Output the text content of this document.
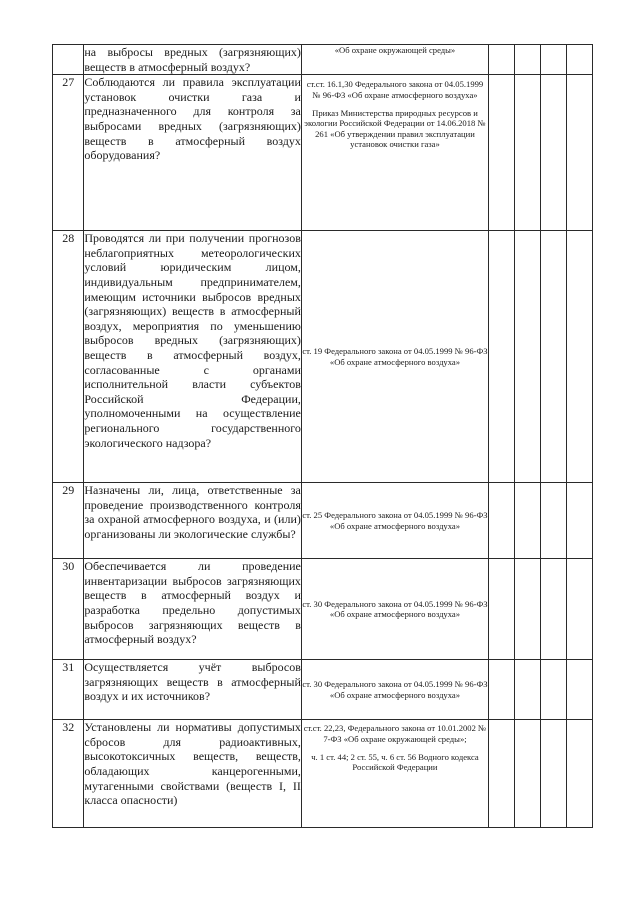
	на выбросы вредных (загрязняющих) веществ в атмосферный воздух?	«Об охране окружающей среды»				

27	Соблюдаются ли правила эксплуатации установок очистки газа и предназначенного для контроля за выбросами вредных (загрязняющих) веществ в атмосферный воздух оборудования?	ст.ст. 16.1,30 Федерального закона от 04.05.1999 № 96-ФЗ «Об охране атмосферного воздуха»
Приказ Министерства природных ресурсов и экологии Российской Федерации от 14.06.2018 № 261 «Об утверждении правил эксплуатации установок очистки газа»				

28	Проводятся ли при получении прогнозов неблагоприятных метеорологических условий юридическим лицом, индивидуальным предпринимателем, имеющим источники выбросов вредных (загрязняющих) веществ в атмосферный воздух, мероприятия по уменьшению выбросов вредных (загрязняющих) веществ в атмосферный воздух, согласованные с органами исполнительной власти субъектов Российской Федерации, уполномоченными на осуществление регионального государственного экологического надзора?	ст. 19 Федерального закона от 04.05.1999 № 96-ФЗ «Об охране атмосферного воздуха»				

29	Назначены ли, лица, ответственные за проведение производственного контроля за охраной атмосферного воздуха, и (или) организованы ли экологические службы?	ст. 25 Федерального закона от 04.05.1999 № 96-ФЗ «Об охране атмосферного воздуха»				

30	Обеспечивается ли проведение инвентаризации выбросов загрязняющих веществ в атмосферный воздух и разработка предельно допустимых выбросов загрязняющих веществ в атмосферный воздух?	ст. 30 Федерального закона от 04.05.1999 № 96-ФЗ «Об охране атмосферного воздуха»				

31	Осуществляется учёт выбросов загрязняющих веществ в атмосферный воздух и их источников?	ст. 30 Федерального закона от 04.05.1999 № 96-ФЗ «Об охране атмосферного воздуха»				

32	Установлены ли нормативы допустимых сбросов для радиоактивных, высокотоксичных веществ, веществ, обладающих канцерогенными, мутагенными свойствами (веществ I, II класса опасности)	ст.ст. 22,23, Федерального закона от 10.01.2002 № 7-ФЗ «Об охране окружающей среды»;
ч. 1 ст. 44; 2 ст. 55, ч. 6 ст. 56 Водного кодекса Российской Федерации				
